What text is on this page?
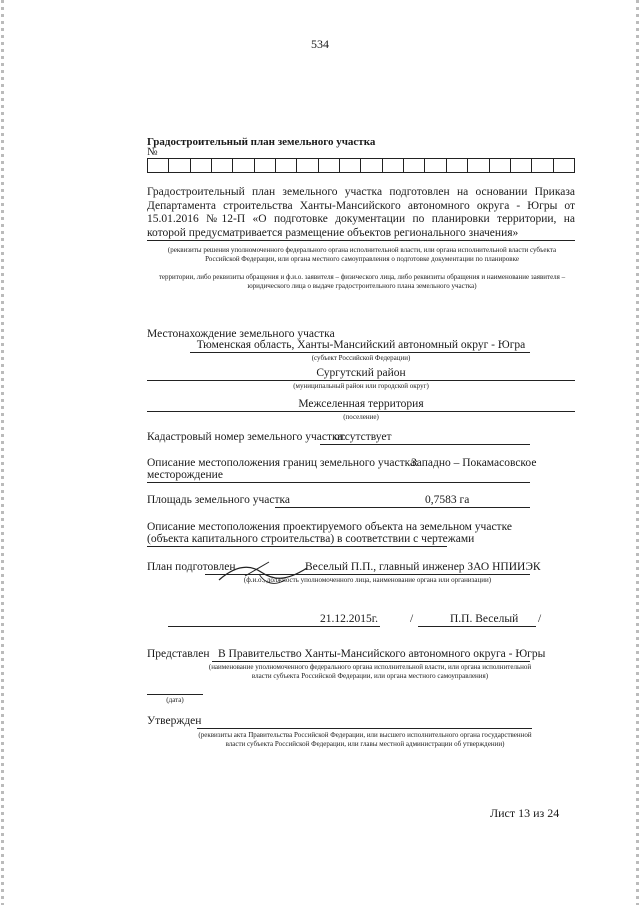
534
Градостроительный план земельного участка
№
Градостроительный план земельного участка подготовлен на основании Приказа Департамента строительства Ханты-Мансийского автономного округа - Югры от 15.01.2016 №12-П «О подготовке документации по планировки территории, на которой предусматривается размещение объектов регионального значения»
(реквизиты решения уполномоченного федерального органа исполнительной власти, или органа исполнительной власти субъекта Российской Федерации, или органа местного самоуправления о подготовке документации по планировке
территории, либо реквизиты обращения и ф.и.о. заявителя – физического лица, либо реквизиты обращения и наименование заявителя – юридического лица о выдаче градостроительного плана земельного участка)
Местонахождение земельного участка
Тюменская область, Ханты-Мансийский автономный округ - Югра
(субъект Российской Федерации)
Сургутский район
(муниципальный район или городской округ)
Межселенная территория
(поселение)
Кадастровый номер земельного участка:
отсутствует
Описание местоположения границ земельного участка:
Западно – Покамасовское
месторождение
Площадь земельного участка	0,7583 га
Описание местоположения проектируемого объекта на земельном участке
(объекта капитального строительства) в соответствии с чертежами
План подготовлен	Веселый П.П., главный инженер ЗАО НПИИЭК
(ф.и.о., должность уполномоченного лица, наименование органа или организации)
21.12.2015г.	/	П.П. Веселый /
Представлен В Правительство Ханты-Мансийского автономного округа - Югры
(наименование уполномоченного федерального органа исполнительной власти, или органа исполнительной власти субъекта Российской Федерации, или органа местного самоуправления)
(дата)
Утвержден
(реквизиты акта Правительства Российской Федерации, или высшего исполнительного органа государственной власти субъекта Российской Федерации, или главы местной администрации об утверждении)
Лист 13 из 24
